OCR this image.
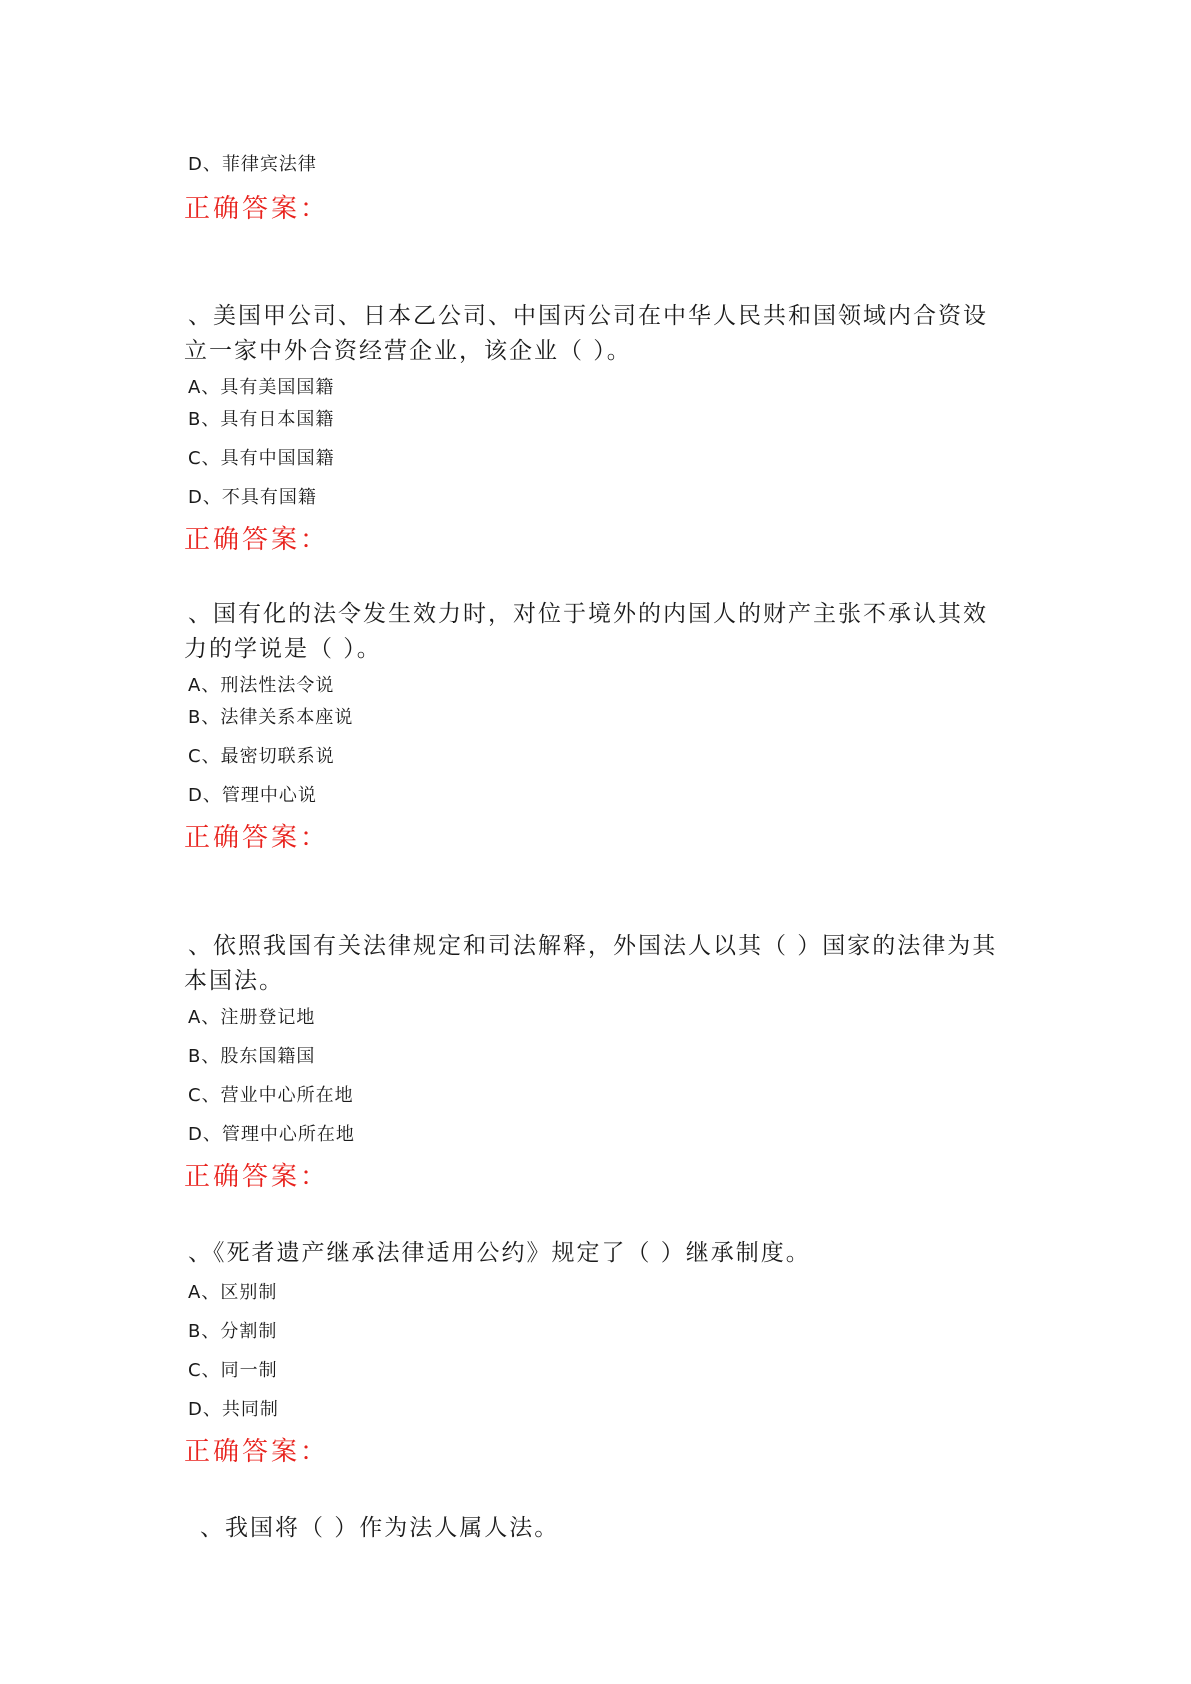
D、菲律宾法律
正确答案：
、美国甲公司、日本乙公司、中国丙公司在中华人民共和国领域内合资设
立一家中外合资经营企业，该企业（ ）。
A、具有美国国籍
B、具有日本国籍
C、具有中国国籍
D、不具有国籍
正确答案：
、国有化的法令发生效力时，对位于境外的内国人的财产主张不承认其效
力的学说是（ ）。
A、刑法性法令说
B、法律关系本座说
C、最密切联系说
D、管理中心说
正确答案：
、依照我国有关法律规定和司法解释，外国法人以其（ ）国家的法律为其
本国法。
A、注册登记地
B、股东国籍国
C、营业中心所在地
D、管理中心所在地
正确答案：
、《死者遗产继承法律适用公约》规定了（ ）继承制度。
A、区别制
B、分割制
C、同一制
D、共同制
正确答案：
、我国将（ ）作为法人属人法。
